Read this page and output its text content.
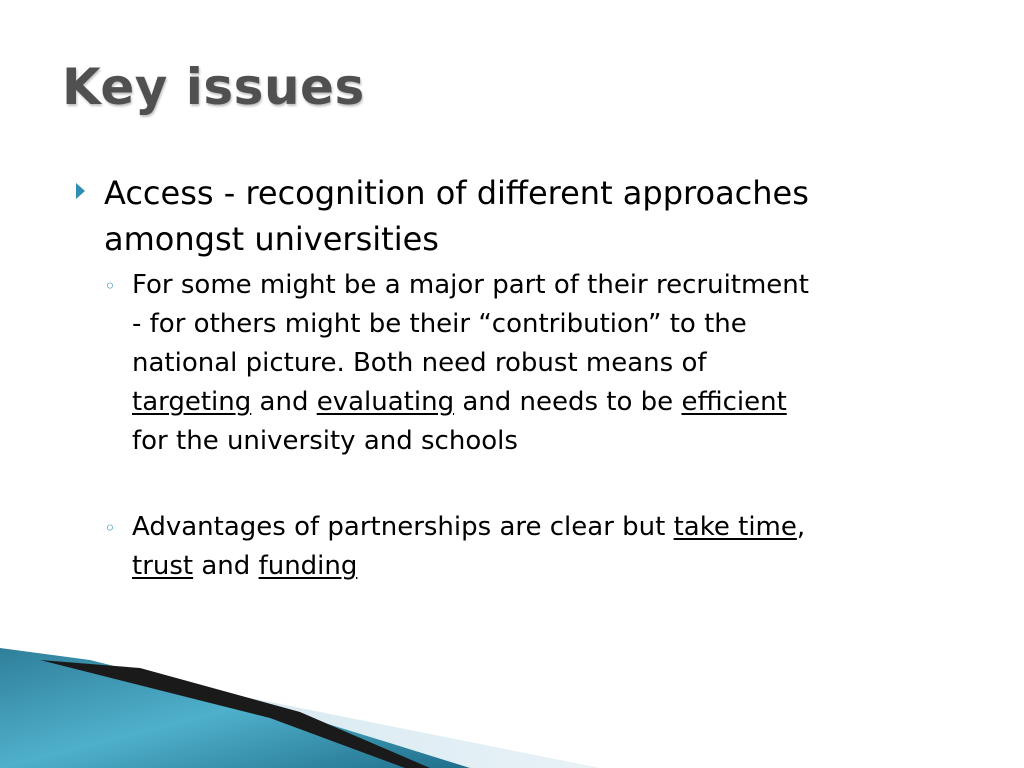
Key issues
Access - recognition of different approaches
amongst universities
◦ For some might be a major part of their recruitment
- for others might be their “contribution” to the
national picture. Both need robust means of
targeting and evaluating and needs to be efficient
for the university and schools
◦ Advantages of partnerships are clear but take time,
trust and funding
